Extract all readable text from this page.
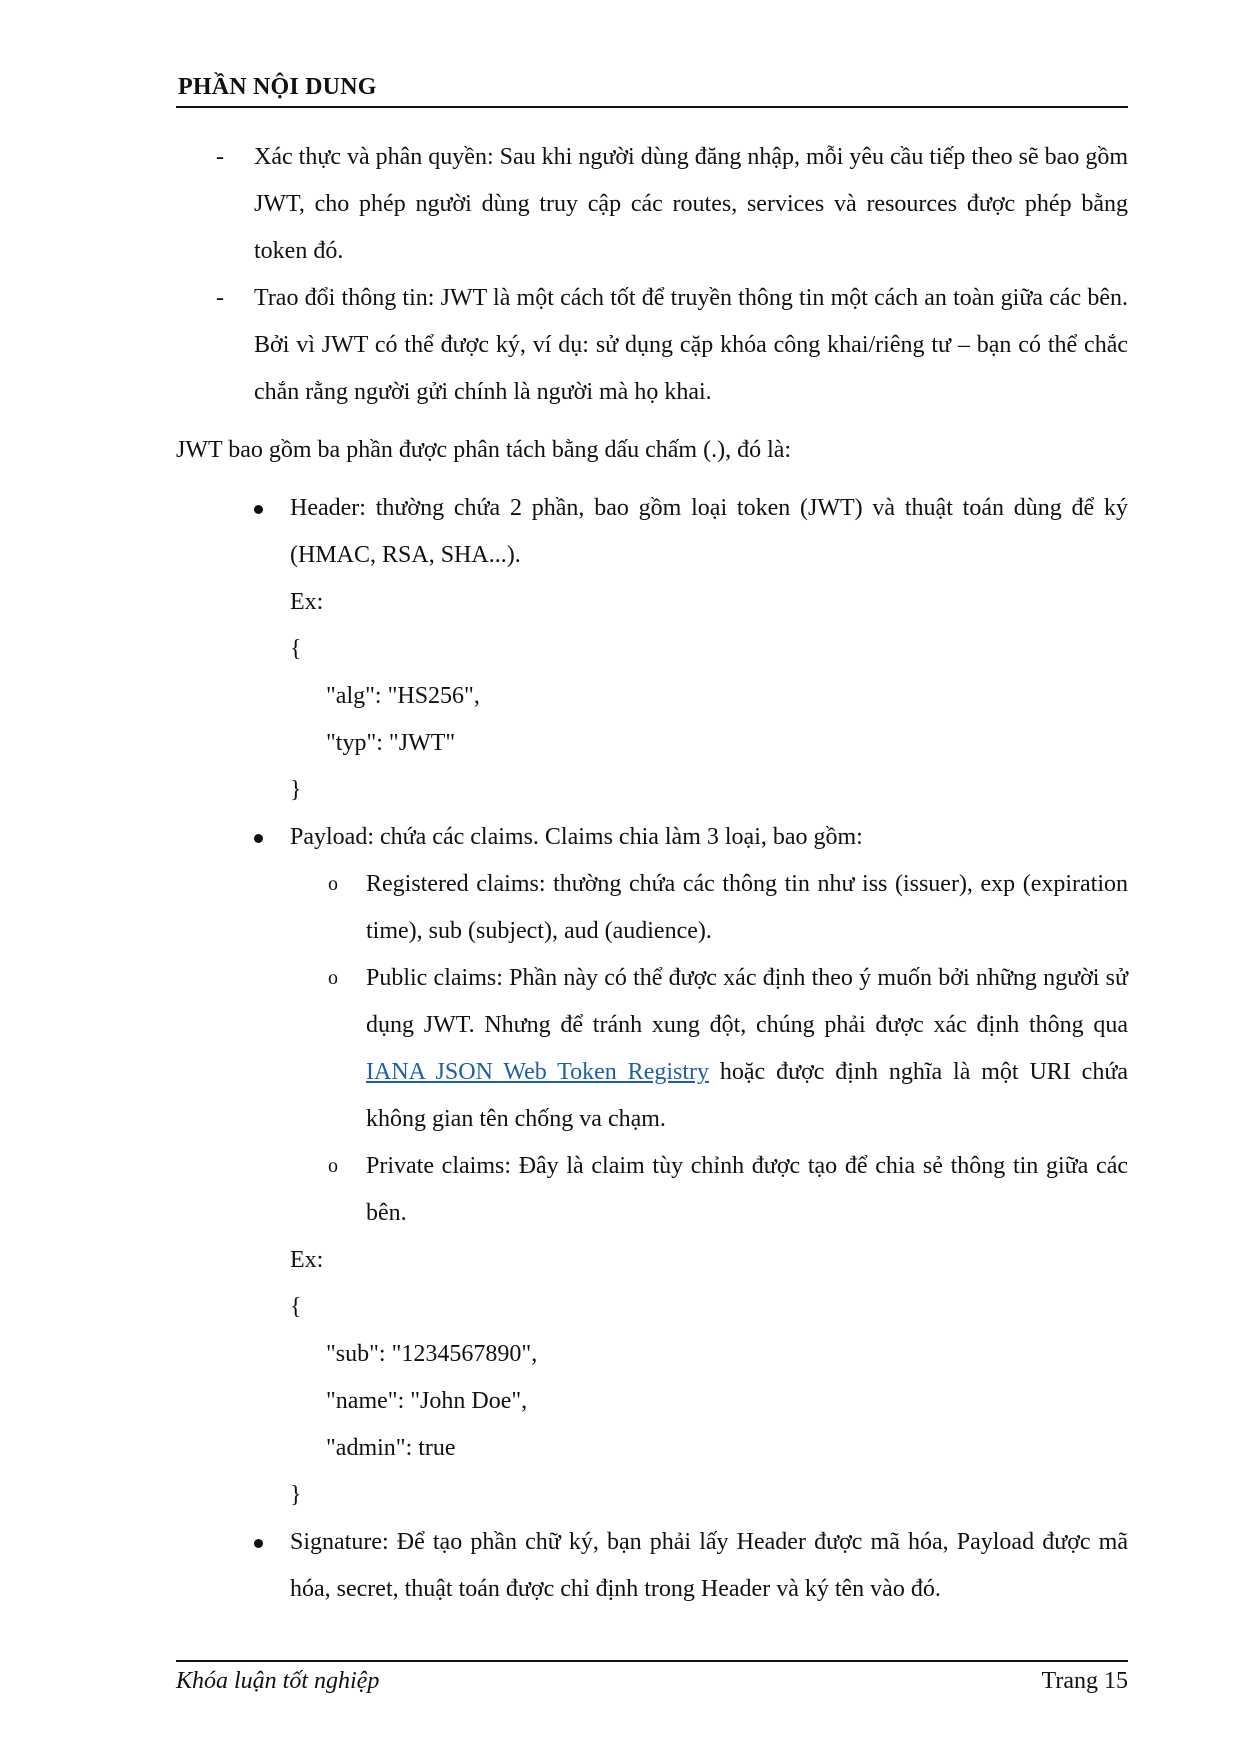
PHẦN NỘI DUNG
- Xác thực và phân quyền: Sau khi người dùng đăng nhập, mỗi yêu cầu tiếp theo sẽ bao gồm JWT, cho phép người dùng truy cập các routes, services và resources được phép bằng token đó.
- Trao đổi thông tin: JWT là một cách tốt để truyền thông tin một cách an toàn giữa các bên. Bởi vì JWT có thể được ký, ví dụ: sử dụng cặp khóa công khai/riêng tư – bạn có thể chắc chắn rằng người gửi chính là người mà họ khai.

JWT bao gồm ba phần được phân tách bằng dấu chấm (.), đó là:

Header: thường chứa 2 phần, bao gồm loại token (JWT) và thuật toán dùng để ký (HMAC, RSA, SHA...).
Ex:
{
"alg": "HS256",
"typ": "JWT"
}
Payload: chứa các claims. Claims chia làm 3 loại, bao gồm:
o Registered claims: thường chứa các thông tin như iss (issuer), exp (expiration time), sub (subject), aud (audience).
o Public claims: Phần này có thể được xác định theo ý muốn bởi những người sử dụng JWT. Nhưng để tránh xung đột, chúng phải được xác định thông qua IANA JSON Web Token Registry hoặc được định nghĩa là một URI chứa không gian tên chống va chạm.
o Private claims: Đây là claim tùy chỉnh được tạo để chia sẻ thông tin giữa các bên.
Ex:
{
"sub": "1234567890",
"name": "John Doe",
"admin": true
}
Signature: Để tạo phần chữ ký, bạn phải lấy Header được mã hóa, Payload được mã hóa, secret, thuật toán được chỉ định trong Header và ký tên vào đó.
Khóa luận tốt nghiệp	Trang 15
